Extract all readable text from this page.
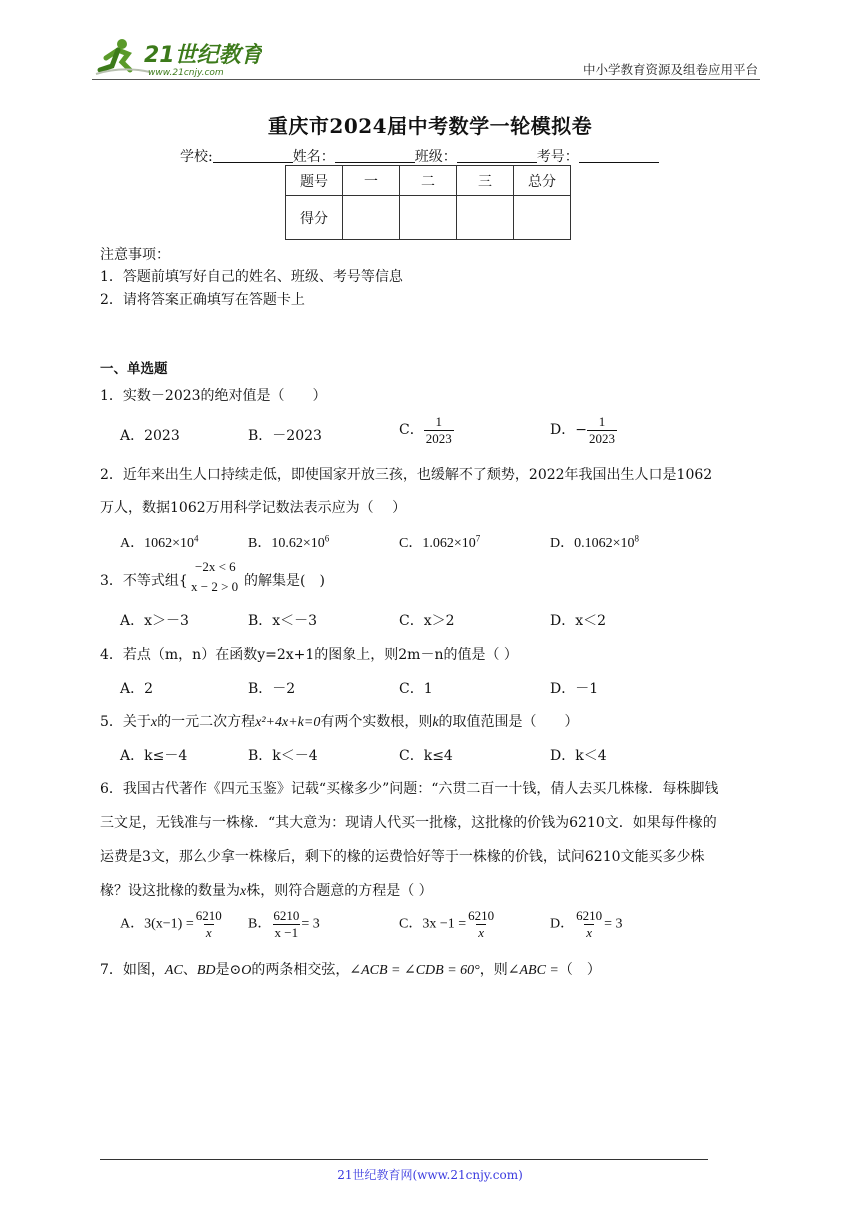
21世纪教育
www.21cnjy.com	中小学教育资源及组卷应用平台
重庆市2024届中考数学一轮模拟卷
学校:	姓名：	班级：	考号：
题号	一	二	三	总分
得分				
注意事项：
1．答题前填写好自己的姓名、班级、考号等信息
2．请将答案正确填写在答题卡上
一、单选题
1．实数－2023的绝对值是（　　）
A．2023	B．－2023	C． $\frac{1}{2023}$	D．− $\frac{1}{2023}$
2．近年来出生人口持续走低，即使国家开放三孩，也缓解不了颓势，2022年我国出生人口是1062
万人，数据1062万用科学记数法表示应为（　 ）
A．$1062\times 10^4$	B．$10.62\times 10^6$	C．$1.062\times 10^7$	D．$0.1062\times 10^8$
3．不等式组{
−2x < 6
x − 2 > 0 的解集是(　)
A．x＞－3	B．x＜－3	C．x＞2	D．x＜2
4．若点（m，n）在函数y=2x+1的图象上，则2m－n的值是（ ）
A．2	B．－2	C．1	D．－1
5．关于x的一元二次方程x²+4x+k=0有两个实数根，则k的取值范围是（　　）
A．k≤－4	B．k＜－4	C．k≤4	D．k＜4
6．我国古代著作《四元玉鉴》记载“买椽多少”问题：“六贯二百一十钱，倩人去买几株椽．每株脚钱
三文足，无钱准与一株椽．“其大意为：现请人代买一批椽，这批椽的价钱为6210文．如果每件椽的
运费是3文，那么少拿一株椽后，剩下的椽的运费恰好等于一株椽的价钱，试问6210文能买多少株
椽？设这批椽的数量为x株，则符合题意的方程是（ ）
A．$3(x-1) = \frac{6210}{x}$ B． $\frac{6210}{x -1} = 3$	C．$3x -1 = \frac{6210}{x}$	D． $\frac{6210}{x} = 3$
7．如图，AC、BD是⊙O的两条相交弦，∠ACB = ∠CDB = 60°，则∠ABC =（　）
21世纪教育网(www.21cnjy.com)
